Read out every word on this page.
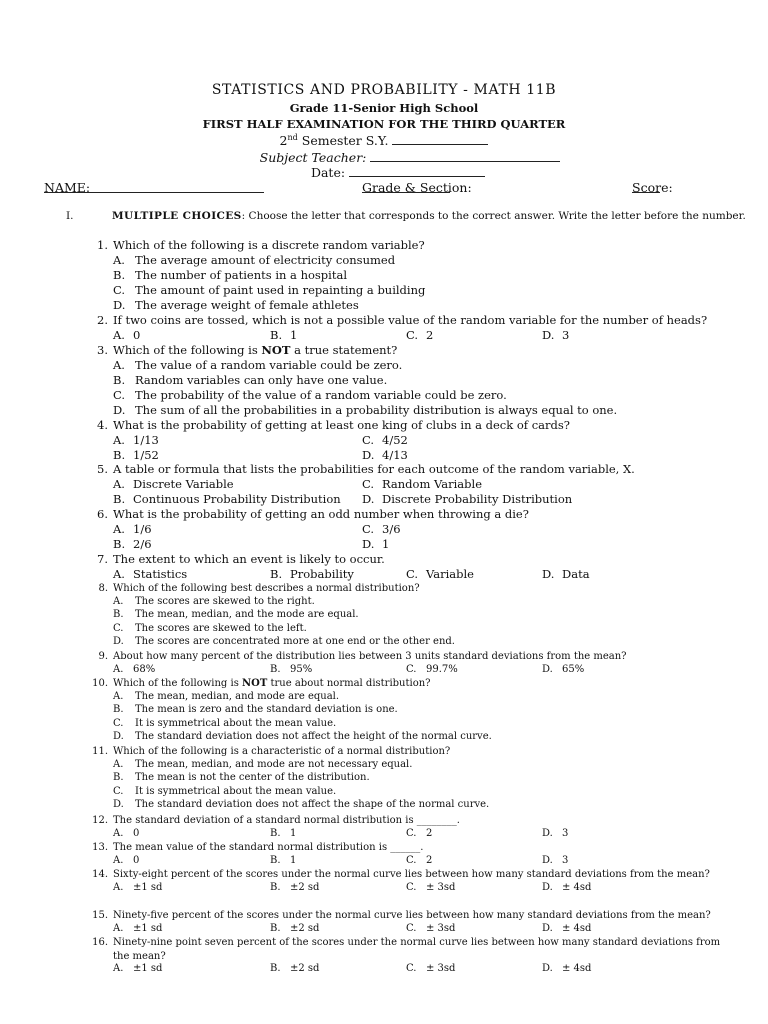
STATISTICS AND PROBABILITY - MATH 11B
Grade 11-Senior High School
FIRST HALF EXAMINATION FOR THE THIRD QUARTER
2nd Semester S.Y.
Subject Teacher:
Date:
NAME:	Grade & Section:	Score:
I.	MULTIPLE CHOICES: Choose the letter that corresponds to the correct answer. Write the letter before the number.
1. Which of the following is a discrete random variable?
A. The average amount of electricity consumed
B. The number of patients in a hospital
C. The amount of paint used in repainting a building
D. The average weight of female athletes
2. If two coins are tossed, which is not a possible value of the random variable for the number of heads?
A. 0	B. 1	C. 2	D. 3
3. Which of the following is NOT a true statement?
A. The value of a random variable could be zero.
B. Random variables can only have one value.
C. The probability of the value of a random variable could be zero.
D. The sum of all the probabilities in a probability distribution is always equal to one.
4. What is the probability of getting at least one king of clubs in a deck of cards?
A. 1/13	C. 4/52
B. 1/52	D. 4/13
5. A table or formula that lists the probabilities for each outcome of the random variable, X.
A. Discrete Variable	C. Random Variable
B. Continuous Probability Distribution D. Discrete Probability Distribution
6. What is the probability of getting an odd number when throwing a die?
A. 1/6	C. 3/6
B. 2/6	D. 1
7. The extent to which an event is likely to occur.
A. Statistics	B. Probability	C. Variable	D. Data
8. Which of the following best describes a normal distribution?
A. The scores are skewed to the right.
B. The mean, median, and the mode are equal.
C. The scores are skewed to the left.
D. The scores are concentrated more at one end or the other end.
9. About how many percent of the distribution lies between 3 units standard deviations from the mean?
A. 68%	B. 95%	C. 99.7%	D. 65%
10. Which of the following is NOT true about normal distribution?
A. The mean, median, and mode are equal.
B. The mean is zero and the standard deviation is one.
C. It is symmetrical about the mean value.
D. The standard deviation does not affect the height of the normal curve.
11. Which of the following is a characteristic of a normal distribution?
A. The mean, median, and mode are not necessary equal.
B. The mean is not the center of the distribution.
C. It is symmetrical about the mean value.
D. The standard deviation does not affect the shape of the normal curve.
12. The standard deviation of a standard normal distribution is ________.
A. 0	B. 1	C. 2	D. 3
13. The mean value of the standard normal distribution is ______.
A. 0	B. 1	C. 2	D. 3
14. Sixty-eight percent of the scores under the normal curve lies between how many standard deviations from the mean?
A. ±1 sd	B. ±2 sd	C. ± 3sd	D. ± 4sd
15. Ninety-five percent of the scores under the normal curve lies between how many standard deviations from the mean?
A. ±1 sd	B. ±2 sd	C. ± 3sd	D. ± 4sd
16. Ninety-nine point seven percent of the scores under the normal curve lies between how many standard deviations from
the mean?
A. ±1 sd	B. ±2 sd	C. ± 3sd	D. ± 4sd
